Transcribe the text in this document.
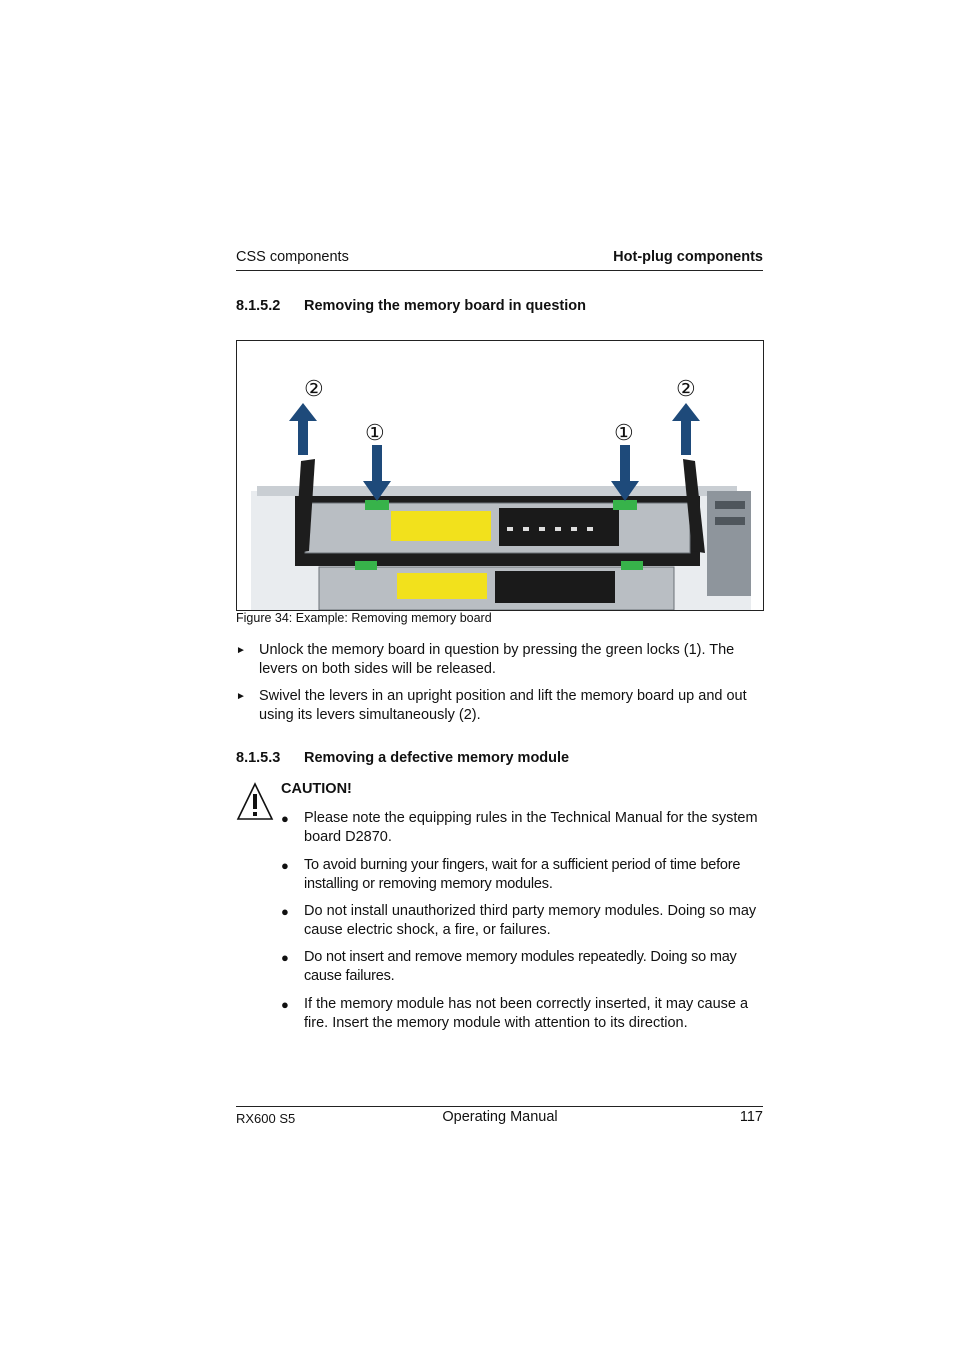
CSS components	Hot-plug components
8.1.5.2 Removing the memory board in question
②	②
①	①
Figure 34: Example: Removing memory board
► Unlock the memory board in question by pressing the green locks (1). The levers on both sides will be released.
► Swivel the levers in an upright position and lift the memory board up and out using its levers simultaneously (2).
8.1.5.3 Removing a defective memory module
CAUTION!
● Please note the equipping rules in the Technical Manual for the system board D2870.
● To avoid burning your fingers, wait for a sufficient period of time before installing or removing memory modules.
● Do not install unauthorized third party memory modules. Doing so may cause electric shock, a fire, or failures.
● Do not insert and remove memory modules repeatedly. Doing so may cause failures.
● If the memory module has not been correctly inserted, it may cause a fire. Insert the memory module with attention to its direction.
RX600 S5	Operating Manual	117
